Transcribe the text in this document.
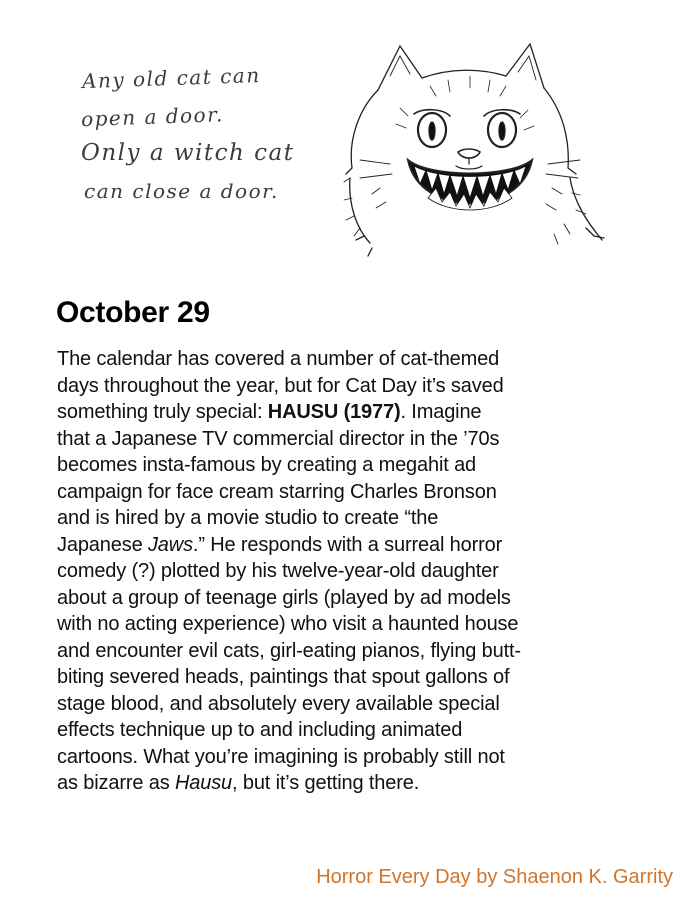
Any old cat can
open a door.
Only a witch cat
can close a door.
October 29
The calendar has covered a number of cat-themed
days throughout the year, but for Cat Day it’s saved
something truly special: HAUSU (1977). Imagine
that a Japanese TV commercial director in the ’70s
becomes insta-famous by creating a megahit ad
campaign for face cream starring Charles Bronson
and is hired by a movie studio to create “the
Japanese Jaws.” He responds with a surreal horror
comedy (?) plotted by his twelve-year-old daughter
about a group of teenage girls (played by ad models
with no acting experience) who visit a haunted house
and encounter evil cats, girl-eating pianos, flying butt-
biting severed heads, paintings that spout gallons of
stage blood, and absolutely every available special
effects technique up to and including animated
cartoons. What you’re imagining is probably still not
as bizarre as Hausu, but it’s getting there.
Horror Every Day by Shaenon K. Garrity
